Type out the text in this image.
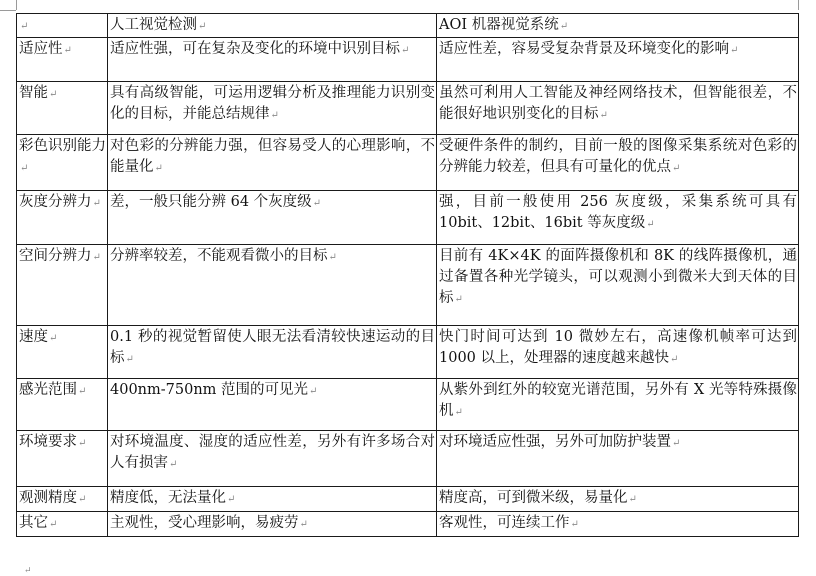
↵	人工视觉检测↵	AOI 机器视觉系统↵
适应性↵	适应性强，可在复杂及变化的环境中识别目标↵	适应性差，容易受复杂背景及环境变化的影响↵
智能↵	具有高级智能，可运用逻辑分析及推理能力识别变化的目标，并能总结规律↵	虽然可利用人工智能及神经网络技术，但智能很差，不能很好地识别变化的目标↵
彩色识别能力↵	对色彩的分辨能力强，但容易受人的心理影响，不能量化↵	受硬件条件的制约，目前一般的图像采集系统对色彩的分辨能力较差，但具有可量化的优点↵
灰度分辨力↵	差，一般只能分辨 64 个灰度级↵	强，目前一般使用 256 灰度级，采集系统可具有 10bit、12bit、16bit 等灰度级↵
空间分辨力↵	分辨率较差，不能观看微小的目标↵	目前有 4K×4K 的面阵摄像机和 8K 的线阵摄像机，通过备置各种光学镜头，可以观测小到微米大到天体的目标↵
速度↵	0.1 秒的视觉暂留使人眼无法看清较快速运动的目标↵	快门时间可达到 10 微妙左右，高速像机帧率可达到 1000 以上，处理器的速度越来越快↵
感光范围↵	400nm-750nm 范围的可见光↵	从紫外到红外的较宽光谱范围，另外有 X 光等特殊摄像机↵
环境要求↵	对环境温度、湿度的适应性差，另外有许多场合对人有损害↵	对环境适应性强，另外可加防护装置↵
观测精度↵	精度低，无法量化↵	精度高，可到微米级，易量化↵
其它↵	主观性，受心理影响，易疲劳↵	客观性，可连续工作↵
↵
